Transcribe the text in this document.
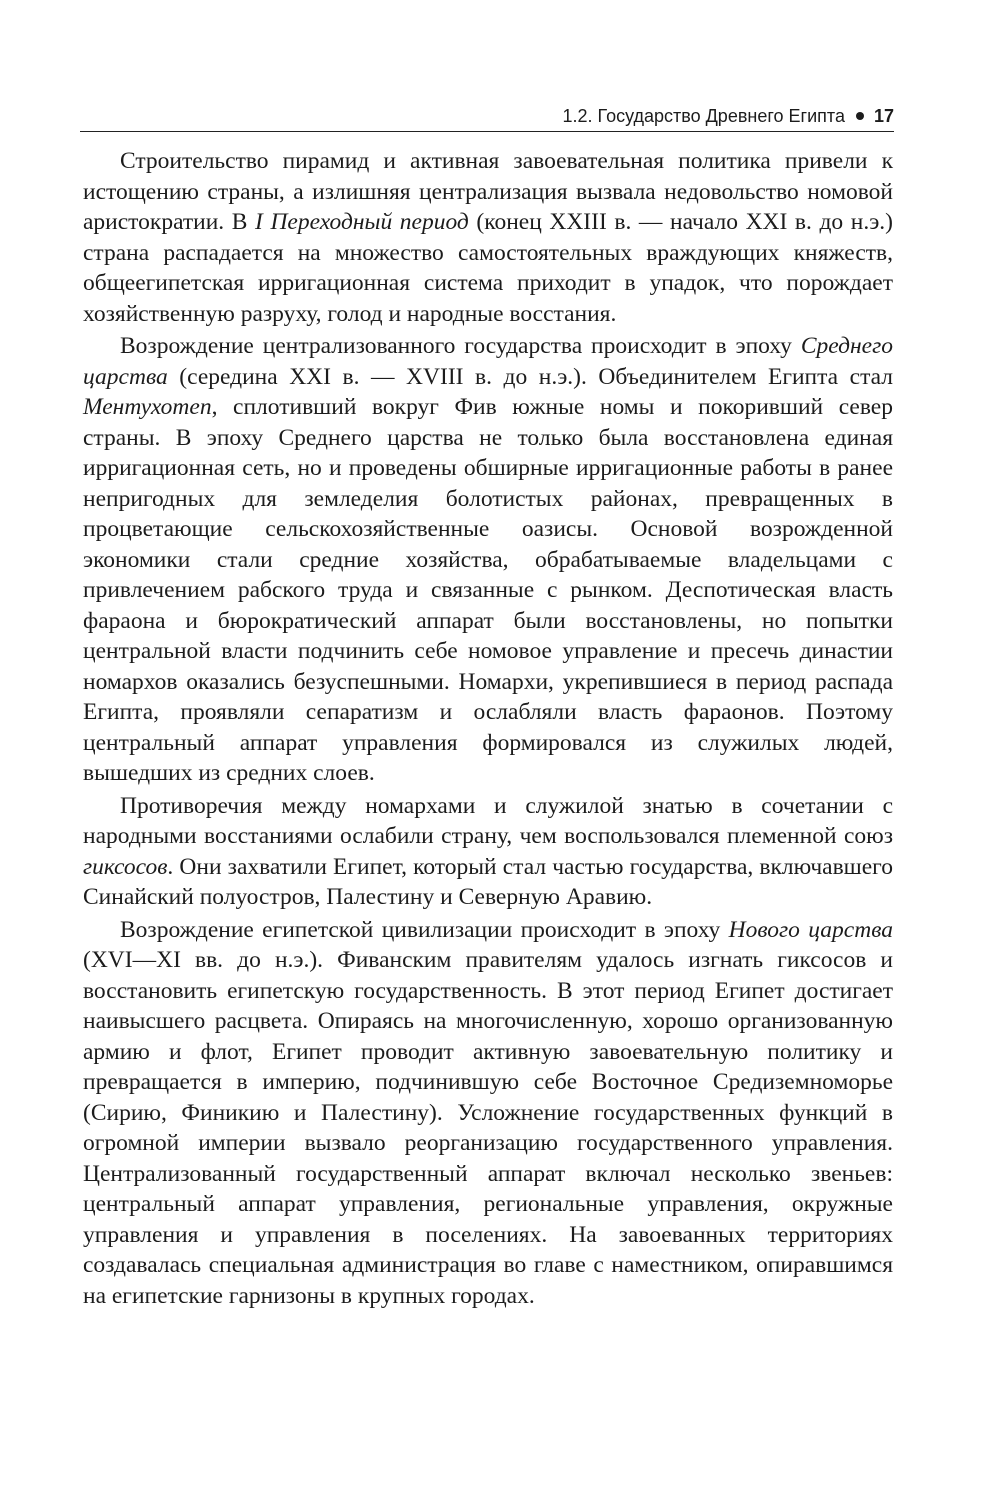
1.2. Государство Древнего Египта 17

Строительство пирамид и активная завоевательная политика привели к истощению страны, а излишняя централизация вызвала недовольство номовой аристократии. В I Переходный период (конец XXIII в. — начало XXI в. до н.э.) страна распадается на множество самостоятельных враждующих княжеств, общеегипетская ирригационная система приходит в упадок, что порождает хозяйственную разруху, голод и народные восстания.

Возрождение централизованного государства происходит в эпоху Среднего царства (середина XXI в. — XVIII в. до н.э.). Объединителем Египта стал Ментухотеп, сплотивший вокруг Фив южные номы и покоривший север страны. В эпоху Среднего царства не только была восстановлена единая ирригационная сеть, но и проведены обширные ирригационные работы в ранее непригодных для земледелия болотистых районах, превращенных в процветающие сельскохозяйственные оазисы. Основой возрожденной экономики стали средние хозяйства, обрабатываемые владельцами с привлечением рабского труда и связанные с рынком. Деспотическая власть фараона и бюрократический аппарат были восстановлены, но попытки центральной власти подчинить себе номовое управление и пресечь династии номархов оказались безуспешными. Номархи, укрепившиеся в период распада Египта, проявляли сепаратизм и ослабляли власть фараонов. Поэтому центральный аппарат управления формировался из служилых людей, вышедших из средних слоев.

Противоречия между номархами и служилой знатью в сочетании с народными восстаниями ослабили страну, чем воспользовался племенной союз гиксосов. Они захватили Египет, который стал частью государства, включавшего Синайский полуостров, Палестину и Северную Аравию.

Возрождение египетской цивилизации происходит в эпоху Нового царства (XVI—XI вв. до н.э.). Фиванским правителям удалось изгнать гиксосов и восстановить египетскую государственность. В этот период Египет достигает наивысшего расцвета. Опираясь на многочисленную, хорошо организованную армию и флот, Египет проводит активную завоевательную политику и превращается в империю, подчинившую себе Восточное Средиземноморье (Сирию, Финикию и Палестину). Усложнение государственных функций в огромной империи вызвало реорганизацию государственного управления. Централизованный государственный аппарат включал несколько звеньев: центральный аппарат управления, региональные управления, окружные управления и управления в поселениях. На завоеванных территориях создавалась специальная администрация во главе с наместником, опиравшимся на египетские гарнизоны в крупных городах.
